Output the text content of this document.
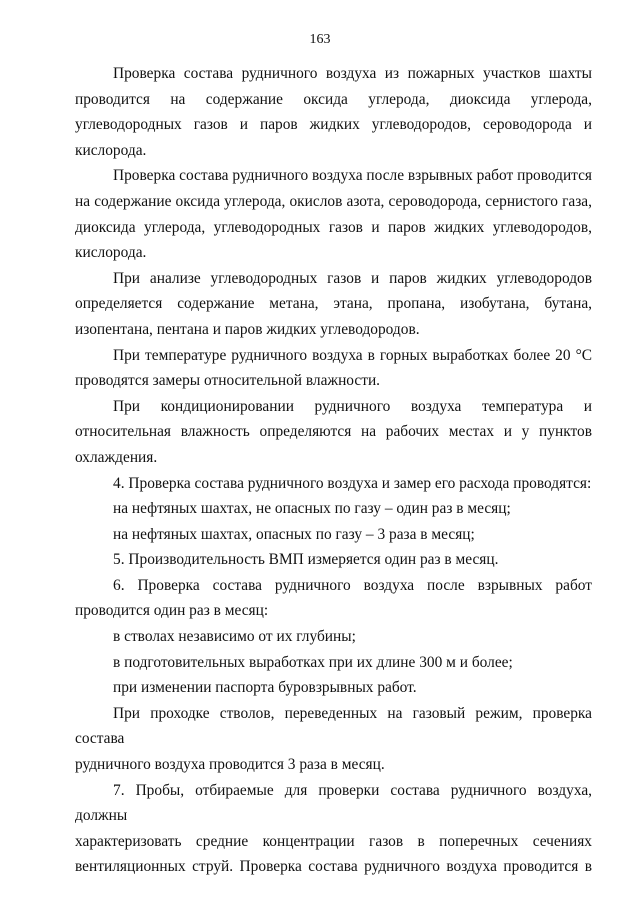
163
Проверка состава рудничного воздуха из пожарных участков шахты
проводится на содержание оксида углерода, диоксида углерода,
углеводородных газов и паров жидких углеводородов, сероводорода и
кислорода.
Проверка состава рудничного воздуха после взрывных работ проводится
на содержание оксида углерода, окислов азота, сероводорода, сернистого газа,
диоксида углерода, углеводородных газов и паров жидких углеводородов,
кислорода.
При анализе углеводородных газов и паров жидких углеводородов
определяется содержание метана, этана, пропана, изобутана, бутана,
изопентана, пентана и паров жидких углеводородов.
При температуре рудничного воздуха в горных выработках более 20 °С
проводятся замеры относительной влажности.
При кондиционировании рудничного воздуха температура и
относительная влажность определяются на рабочих местах и у пунктов
охлаждения.
4. Проверка состава рудничного воздуха и замер его расхода проводятся:
на нефтяных шахтах, не опасных по газу – один раз в месяц;
на нефтяных шахтах, опасных по газу – 3 раза в месяц;
5. Производительность ВМП измеряется один раз в месяц.
6. Проверка состава рудничного воздуха после взрывных работ
проводится один раз в месяц:
в стволах независимо от их глубины;
в подготовительных выработках при их длине 300 м и более;
при изменении паспорта буровзрывных работ.
При проходке стволов, переведенных на газовый режим, проверка состава
рудничного воздуха проводится 3 раза в месяц.
7. Пробы, отбираемые для проверки состава рудничного воздуха, должны
характеризовать средние концентрации газов в поперечных сечениях
вентиляционных струй. Проверка состава рудничного воздуха проводится в
